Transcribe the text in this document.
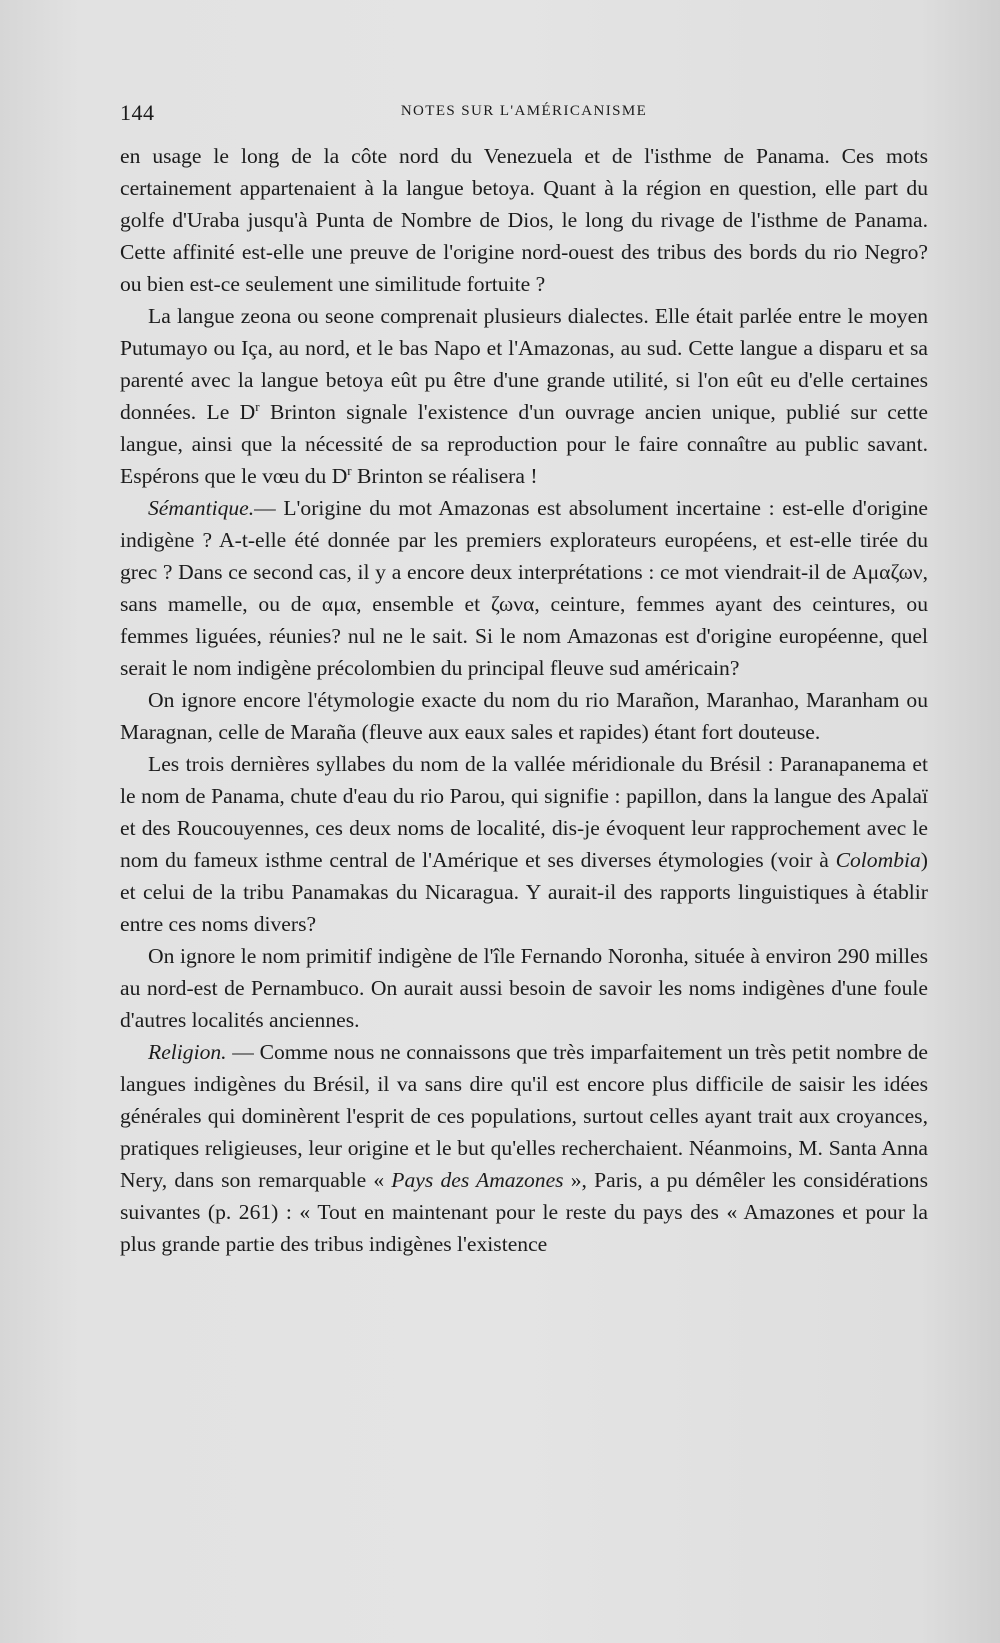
144	NOTES SUR L'AMÉRICANISME

en usage le long de la côte nord du Venezuela et de l'isthme de Panama. Ces mots certainement appartenaient à la langue betoya. Quant à la région en question, elle part du golfe d'Uraba jusqu'à Punta de Nombre de Dios, le long du rivage de l'isthme de Panama. Cette affinité est-elle une preuve de l'origine nord-ouest des tribus des bords du rio Negro? ou bien est-ce seulement une similitude fortuite ?

La langue zeona ou seone comprenait plusieurs dialectes. Elle était parlée entre le moyen Putumayo ou Iça, au nord, et le bas Napo et l'Amazonas, au sud. Cette langue a disparu et sa parenté avec la langue betoya eût pu être d'une grande utilité, si l'on eût eu d'elle certaines données. Le $D^r$ Brinton signale l'existence d'un ouvrage ancien unique, publié sur cette langue, ainsi que la nécessité de sa reproduction pour le faire connaître au public savant. Espérons que le vœu du $D^r$ Brinton se réalisera !

Sémantique.— L'origine du mot Amazonas est absolument incertaine : est-elle d'origine indigène ? A-t-elle été donnée par les premiers explorateurs européens, et est-elle tirée du grec ? Dans ce second cas, il y a encore deux interprétations : ce mot viendrait-il de Αμαζων, sans mamelle, ou de αμα, ensemble et ζωνα, ceinture, femmes ayant des ceintures, ou femmes liguées, réunies? nul ne le sait. Si le nom Amazonas est d'origine européenne, quel serait le nom indigène précolombien du principal fleuve sud américain?

On ignore encore l'étymologie exacte du nom du rio Marañon, Maranhao, Maranham ou Maragnan, celle de Maraña (fleuve aux eaux sales et rapides) étant fort douteuse.

Les trois dernières syllabes du nom de la vallée méridionale du Brésil : Paranapanema et le nom de Panama, chute d'eau du rio Parou, qui signifie : papillon, dans la langue des Apalaï et des Roucouyennes, ces deux noms de localité, dis-je évoquent leur rapprochement avec le nom du fameux isthme central de l'Amérique et ses diverses étymologies (voir à Colombia) et celui de la tribu Panamakas du Nicaragua. Y aurait-il des rapports linguistiques à établir entre ces noms divers?

On ignore le nom primitif indigène de l'île Fernando Noronha, située à environ 290 milles au nord-est de Pernambuco. On aurait aussi besoin de savoir les noms indigènes d'une foule d'autres localités anciennes.

Religion. — Comme nous ne connaissons que très imparfaitement un très petit nombre de langues indigènes du Brésil, il va sans dire qu'il est encore plus difficile de saisir les idées générales qui dominèrent l'esprit de ces populations, surtout celles ayant trait aux croyances, pratiques religieuses, leur origine et le but qu'elles recherchaient. Néanmoins, M. Santa Anna Nery, dans son remarquable « Pays des Amazones », Paris, a pu démêler les considérations suivantes (p. 261) : « Tout en maintenant pour le reste du pays des « Amazones et pour la plus grande partie des tribus indigènes l'existence
